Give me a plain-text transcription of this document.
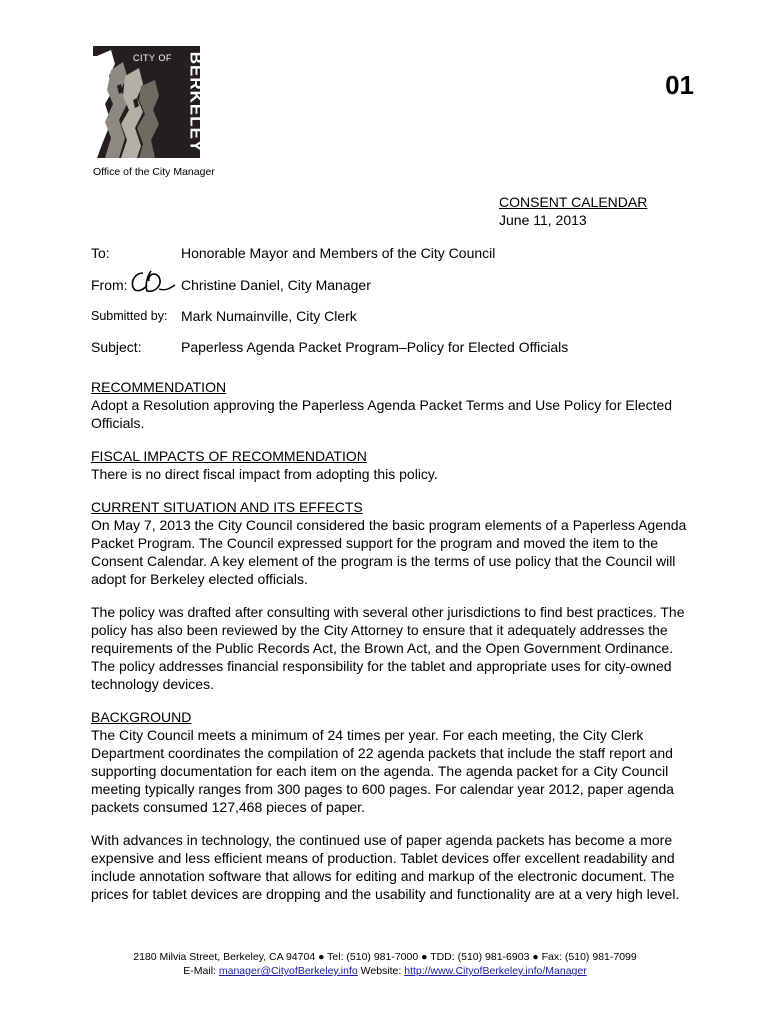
CITY OF BERKELEY
Office of the City Manager
01
CONSENT CALENDAR
June 11, 2013
To:	Honorable Mayor and Members of the City Council
From:	Christine Daniel, City Manager
Submitted by: Mark Numainville, City Clerk
Subject:	Paperless Agenda Packet Program–Policy for Elected Officials
RECOMMENDATION

Adopt a Resolution approving the Paperless Agenda Packet Terms and Use Policy for Elected Officials.

FISCAL IMPACTS OF RECOMMENDATION

There is no direct fiscal impact from adopting this policy.

CURRENT SITUATION AND ITS EFFECTS

On May 7, 2013 the City Council considered the basic program elements of a Paperless Agenda Packet Program. The Council expressed support for the program and moved the item to the Consent Calendar. A key element of the program is the terms of use policy that the Council will adopt for Berkeley elected officials.

The policy was drafted after consulting with several other jurisdictions to find best practices. The policy has also been reviewed by the City Attorney to ensure that it adequately addresses the requirements of the Public Records Act, the Brown Act, and the Open Government Ordinance. The policy addresses financial responsibility for the tablet and appropriate uses for city-owned technology devices.

BACKGROUND

The City Council meets a minimum of 24 times per year. For each meeting, the City Clerk Department coordinates the compilation of 22 agenda packets that include the staff report and supporting documentation for each item on the agenda. The agenda packet for a City Council meeting typically ranges from 300 pages to 600 pages. For calendar year 2012, paper agenda packets consumed 127,468 pieces of paper.

With advances in technology, the continued use of paper agenda packets has become a more expensive and less efficient means of production. Tablet devices offer excellent readability and include annotation software that allows for editing and markup of the electronic document. The prices for tablet devices are dropping and the usability and functionality are at a very high level.

2180 Milvia Street, Berkeley, CA 94704 ● Tel: (510) 981-7000 ● TDD: (510) 981-6903 ● Fax: (510) 981-7099
E-Mail: manager@CityofBerkeley.info Website: http://www.CityofBerkeley.info/Manager
